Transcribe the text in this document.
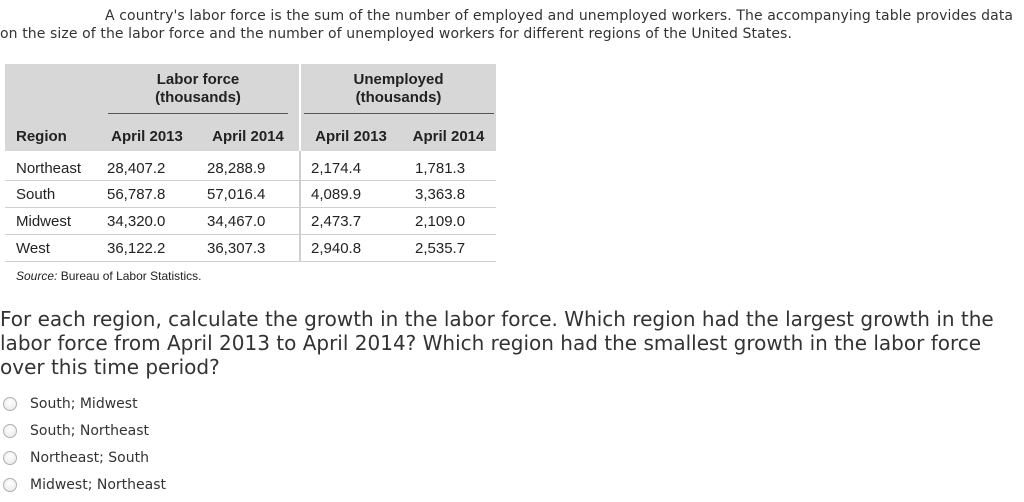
A country's labor force is the sum of the number of employed and unemployed workers. The accompanying table provides data on the size of the labor force and the number of unemployed workers for different regions of the United States.
	Labor force
(thousands)		Unemployed
(thousands)	
Region	April 2013	April 2014	April 2013	April 2014
Northeast	28,407.2	28,288.9	2,174.4	1,781.3
South	56,787.8	57,016.4	4,089.9	3,363.8
Midwest	34,320.0	34,467.0	2,473.7	2,109.0
West	36,122.2	36,307.3	2,940.8	2,535.7
Source: Bureau of Labor Statistics.
For each region, calculate the growth in the labor force. Which region had the largest growth in the labor force from April 2013 to April 2014? Which region had the smallest growth in the labor force over this time period?
South; Midwest
South; Northeast
Northeast; South
Midwest; Northeast
